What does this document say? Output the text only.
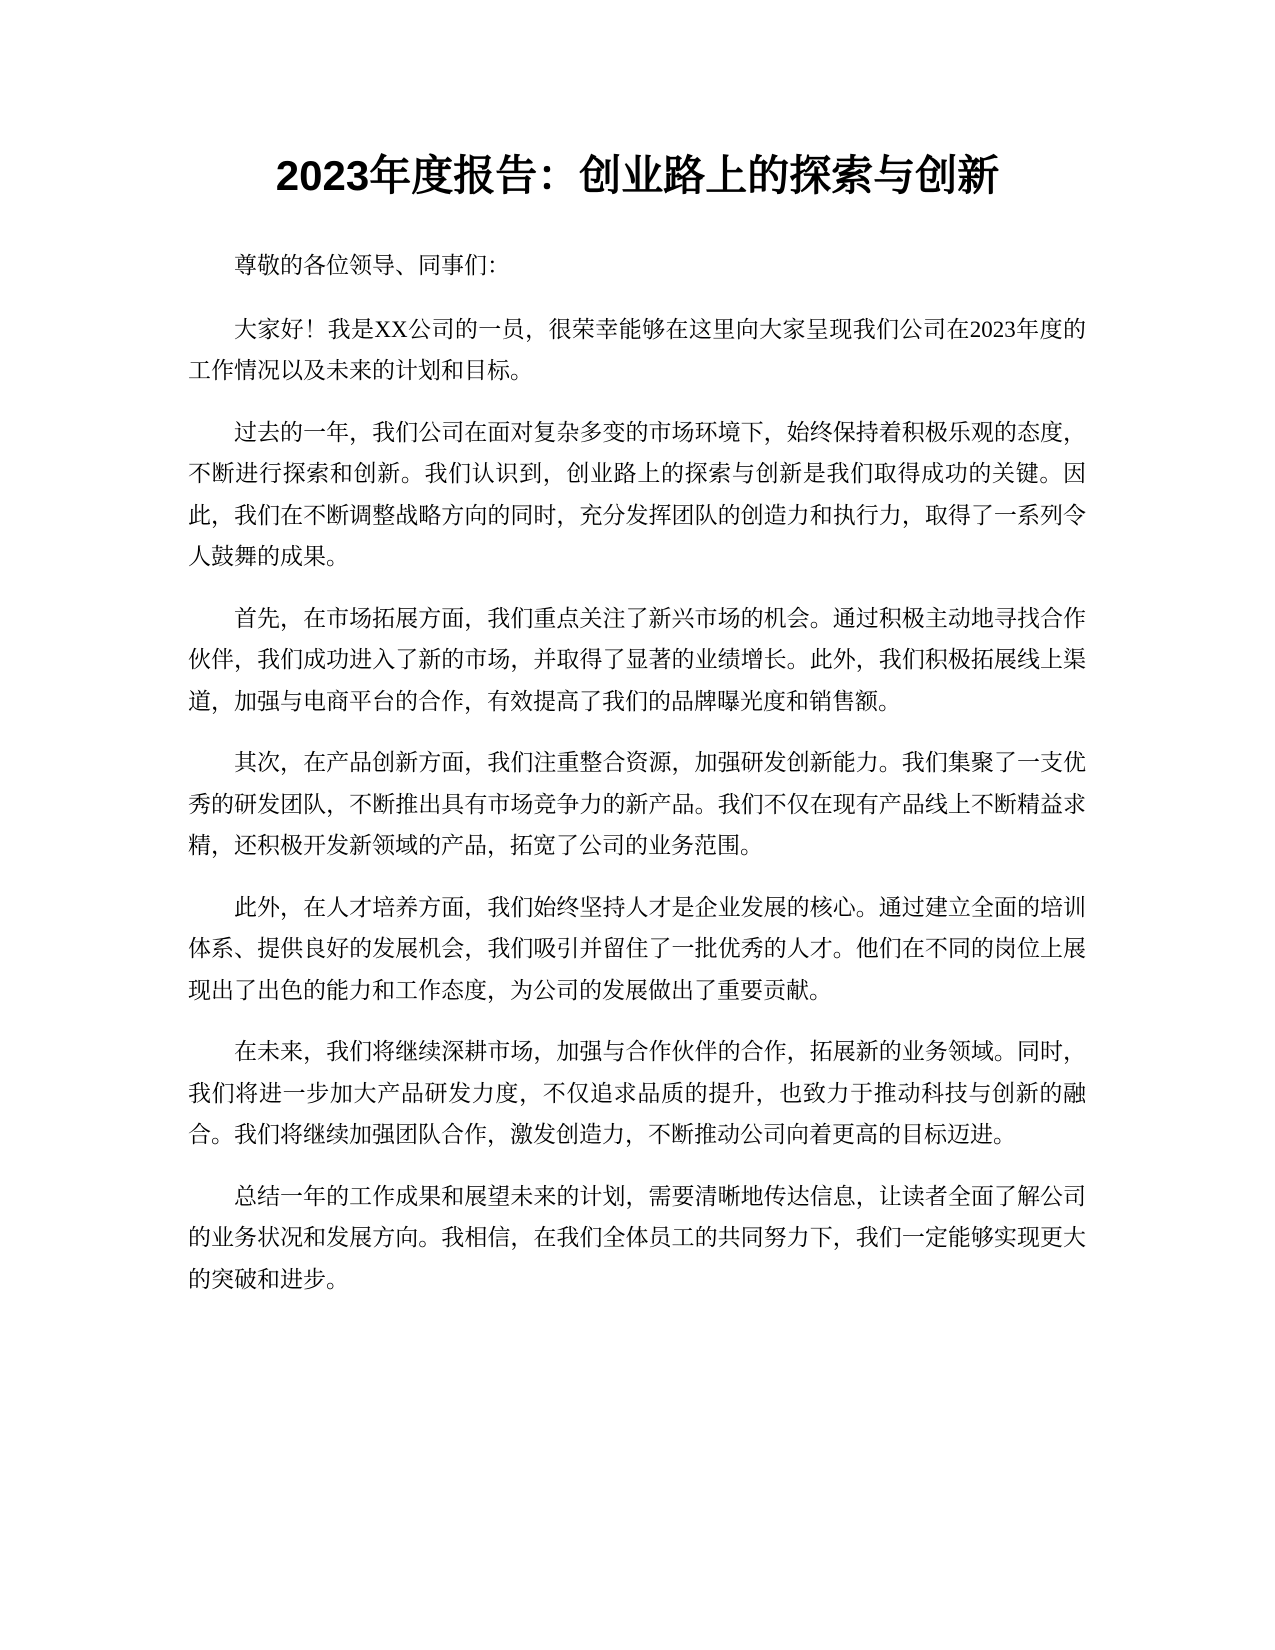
2023年度报告：创业路上的探索与创新

尊敬的各位领导、同事们：

大家好！我是XX公司的一员，很荣幸能够在这里向大家呈现我们公司在2023年度的工作情况以及未来的计划和目标。

过去的一年，我们公司在面对复杂多变的市场环境下，始终保持着积极乐观的态度，不断进行探索和创新。我们认识到，创业路上的探索与创新是我们取得成功的关键。因此，我们在不断调整战略方向的同时，充分发挥团队的创造力和执行力，取得了一系列令人鼓舞的成果。

首先，在市场拓展方面，我们重点关注了新兴市场的机会。通过积极主动地寻找合作伙伴，我们成功进入了新的市场，并取得了显著的业绩增长。此外，我们积极拓展线上渠道，加强与电商平台的合作，有效提高了我们的品牌曝光度和销售额。

其次，在产品创新方面，我们注重整合资源，加强研发创新能力。我们集聚了一支优秀的研发团队，不断推出具有市场竞争力的新产品。我们不仅在现有产品线上不断精益求精，还积极开发新领域的产品，拓宽了公司的业务范围。

此外，在人才培养方面，我们始终坚持人才是企业发展的核心。通过建立全面的培训体系、提供良好的发展机会，我们吸引并留住了一批优秀的人才。他们在不同的岗位上展现出了出色的能力和工作态度，为公司的发展做出了重要贡献。

在未来，我们将继续深耕市场，加强与合作伙伴的合作，拓展新的业务领域。同时，我们将进一步加大产品研发力度，不仅追求品质的提升，也致力于推动科技与创新的融合。我们将继续加强团队合作，激发创造力，不断推动公司向着更高的目标迈进。

总结一年的工作成果和展望未来的计划，需要清晰地传达信息，让读者全面了解公司的业务状况和发展方向。我相信，在我们全体员工的共同努力下，我们一定能够实现更大的突破和进步。
